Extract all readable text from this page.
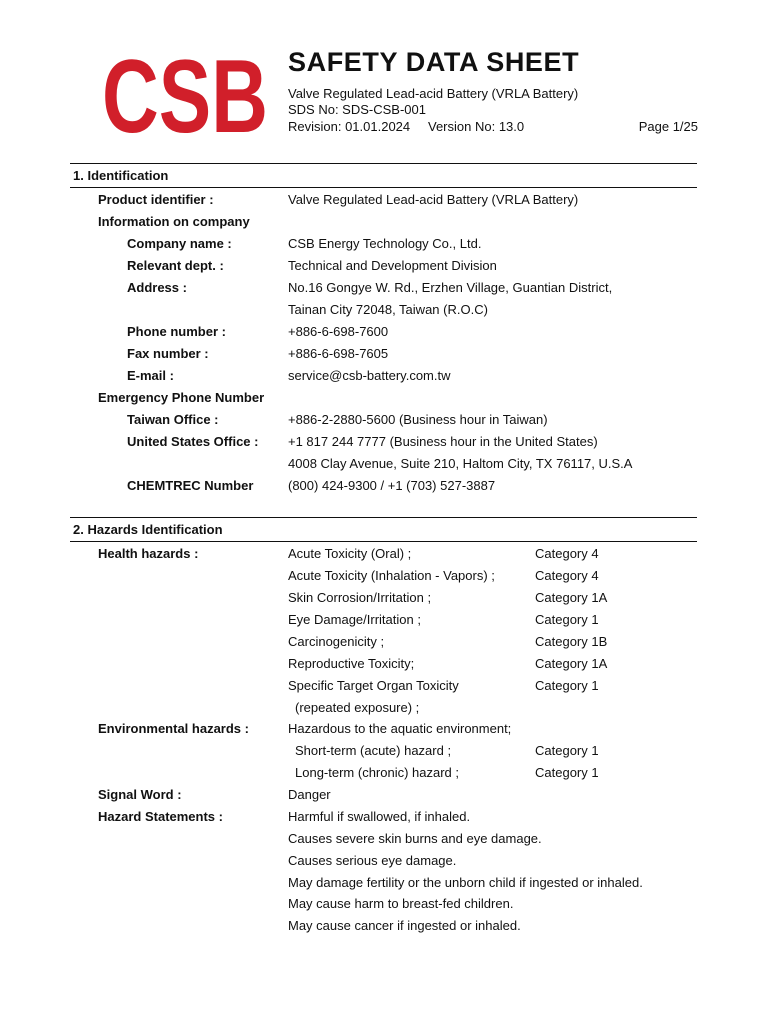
CSB SAFETY DATA SHEET
Valve Regulated Lead-acid Battery (VRLA Battery)
SDS No: SDS-CSB-001
Revision: 01.01.2024 Version No: 13.0	Page 1/25
1. Identification
Product identifier :	Valve Regulated Lead-acid Battery (VRLA Battery)
Information on company
Company name :	CSB Energy Technology Co., Ltd.
Relevant dept. :	Technical and Development Division
Address :	No.16 Gongye W. Rd., Erzhen Village, Guantian District,
Tainan City 72048, Taiwan (R.O.C)
Phone number :	+886-6-698-7600
Fax number :	+886-6-698-7605
E-mail :	service@csb-battery.com.tw
Emergency Phone Number
Taiwan Office :	+886-2-2880-5600 (Business hour in Taiwan)
United States Office : +1 817 244 7777 (Business hour in the United States)
4008 Clay Avenue, Suite 210, Haltom City, TX 76117, U.S.A
CHEMTREC Number	(800) 424-9300 / +1 (703) 527-3887
2. Hazards Identification
Health hazards :	Acute Toxicity (Oral) ;	Category 4
Acute Toxicity (Inhalation - Vapors) ;	Category 4
Skin Corrosion/Irritation ;	Category 1A
Eye Damage/Irritation ;	Category 1
Carcinogenicity ;	Category 1B
Reproductive Toxicity;	Category 1A
Specific Target Organ Toxicity	Category 1
(repeated exposure) ;
Environmental hazards :	Hazardous to the aquatic environment;
Short-term (acute) hazard ;	Category 1
Long-term (chronic) hazard ;	Category 1
Signal Word :	Danger
Hazard Statements :	Harmful if swallowed, if inhaled.
Causes severe skin burns and eye damage.
Causes serious eye damage.
May damage fertility or the unborn child if ingested or inhaled.
May cause harm to breast-fed children.
May cause cancer if ingested or inhaled.
